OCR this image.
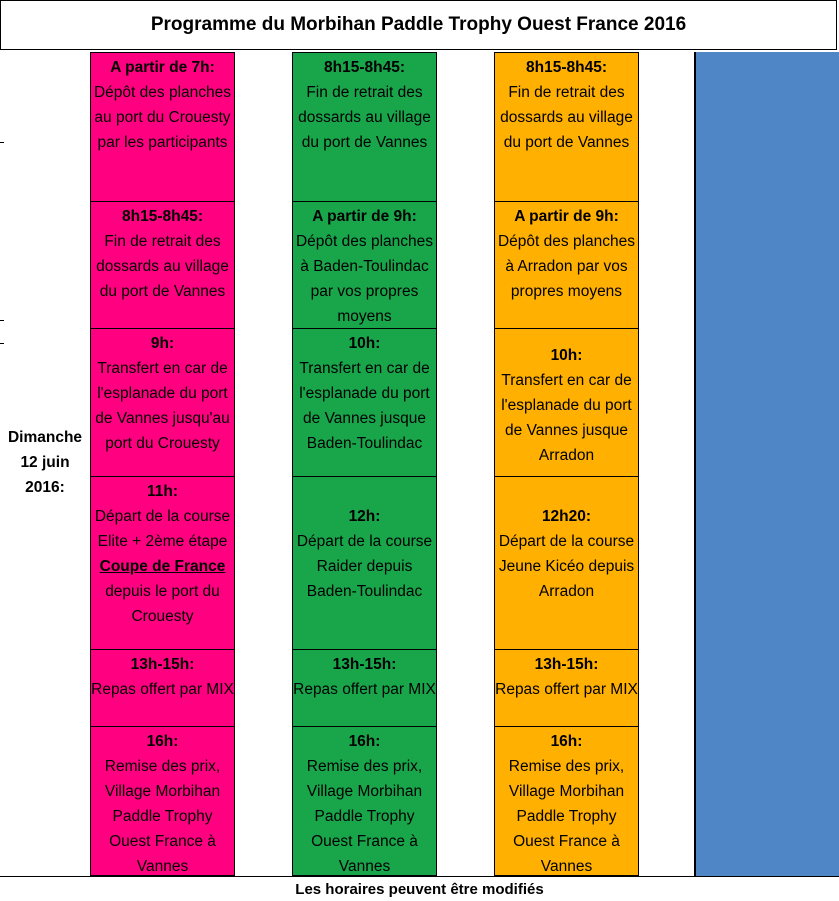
Programme du Morbihan Paddle Trophy Ouest France 2016
Dimanche
12 juin
2016:
A partir de 7h:
Dépôt des planches au port du Crouesty par les participants
8h15-8h45:
Fin de retrait des dossards au village du port de Vannes
9h:
Transfert en car de l'esplanade du port de Vannes jusqu'au port du Crouesty
11h:
Départ de la course Elite + 2ème étape
Coupe de France
depuis le port du Crouesty
13h-15h:
Repas offert par MIX
16h:
Remise des prix, Village Morbihan Paddle Trophy Ouest France à Vannes
8h15-8h45:
Fin de retrait des dossards au village du port de Vannes
A partir de 9h:
Dépôt des planches à Baden-Toulindac par vos propres moyens
10h:
Transfert en car de l'esplanade du port de Vannes jusque Baden-Toulindac
12h:
Départ de la course Raider depuis Baden-Toulindac
13h-15h:
Repas offert par MIX
16h:
Remise des prix, Village Morbihan Paddle Trophy Ouest France à Vannes
8h15-8h45:
Fin de retrait des dossards au village du port de Vannes
A partir de 9h:
Dépôt des planches à Arradon par vos propres moyens
10h:
Transfert en car de l'esplanade du port de Vannes jusque Arradon
12h20:
Départ de la course Jeune Kicéo depuis Arradon
13h-15h:
Repas offert par MIX
16h:
Remise des prix, Village Morbihan Paddle Trophy Ouest France à Vannes
Les horaires peuvent être modifiés
